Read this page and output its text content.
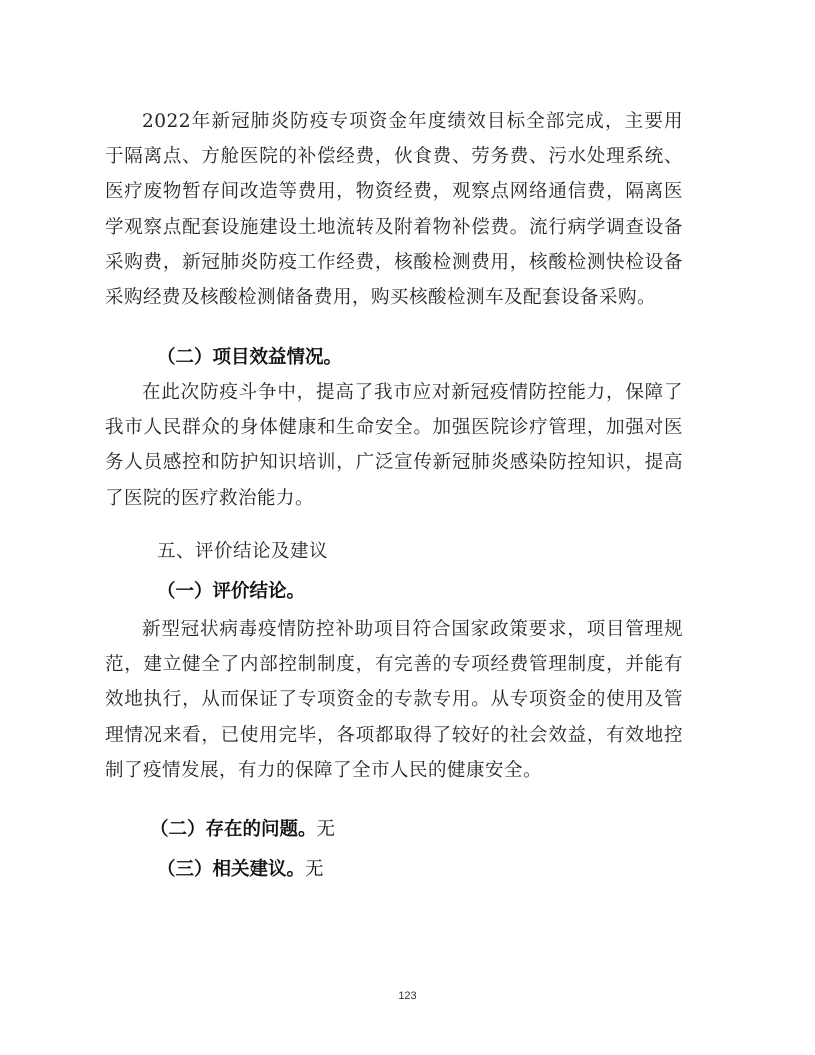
2022年新冠肺炎防疫专项资金年度绩效目标全部完成，主要用于隔离点、方舱医院的补偿经费，伙食费、劳务费、污水处理系统、医疗废物暂存间改造等费用，物资经费，观察点网络通信费，隔离医学观察点配套设施建设土地流转及附着物补偿费。流行病学调查设备采购费，新冠肺炎防疫工作经费，核酸检测费用，核酸检测快检设备采购经费及核酸检测储备费用，购买核酸检测车及配套设备采购。

（二）项目效益情况。

在此次防疫斗争中，提高了我市应对新冠疫情防控能力，保障了我市人民群众的身体健康和生命安全。加强医院诊疗管理，加强对医务人员感控和防护知识培训，广泛宣传新冠肺炎感染防控知识，提高了医院的医疗救治能力。

五、评价结论及建议

（一）评价结论。

新型冠状病毒疫情防控补助项目符合国家政策要求，项目管理规范，建立健全了内部控制制度，有完善的专项经费管理制度，并能有效地执行，从而保证了专项资金的专款专用。从专项资金的使用及管理情况来看，已使用完毕，各项都取得了较好的社会效益，有效地控制了疫情发展，有力的保障了全市人民的健康安全。

（二）存在的问题。无

（三）相关建议。无

123
